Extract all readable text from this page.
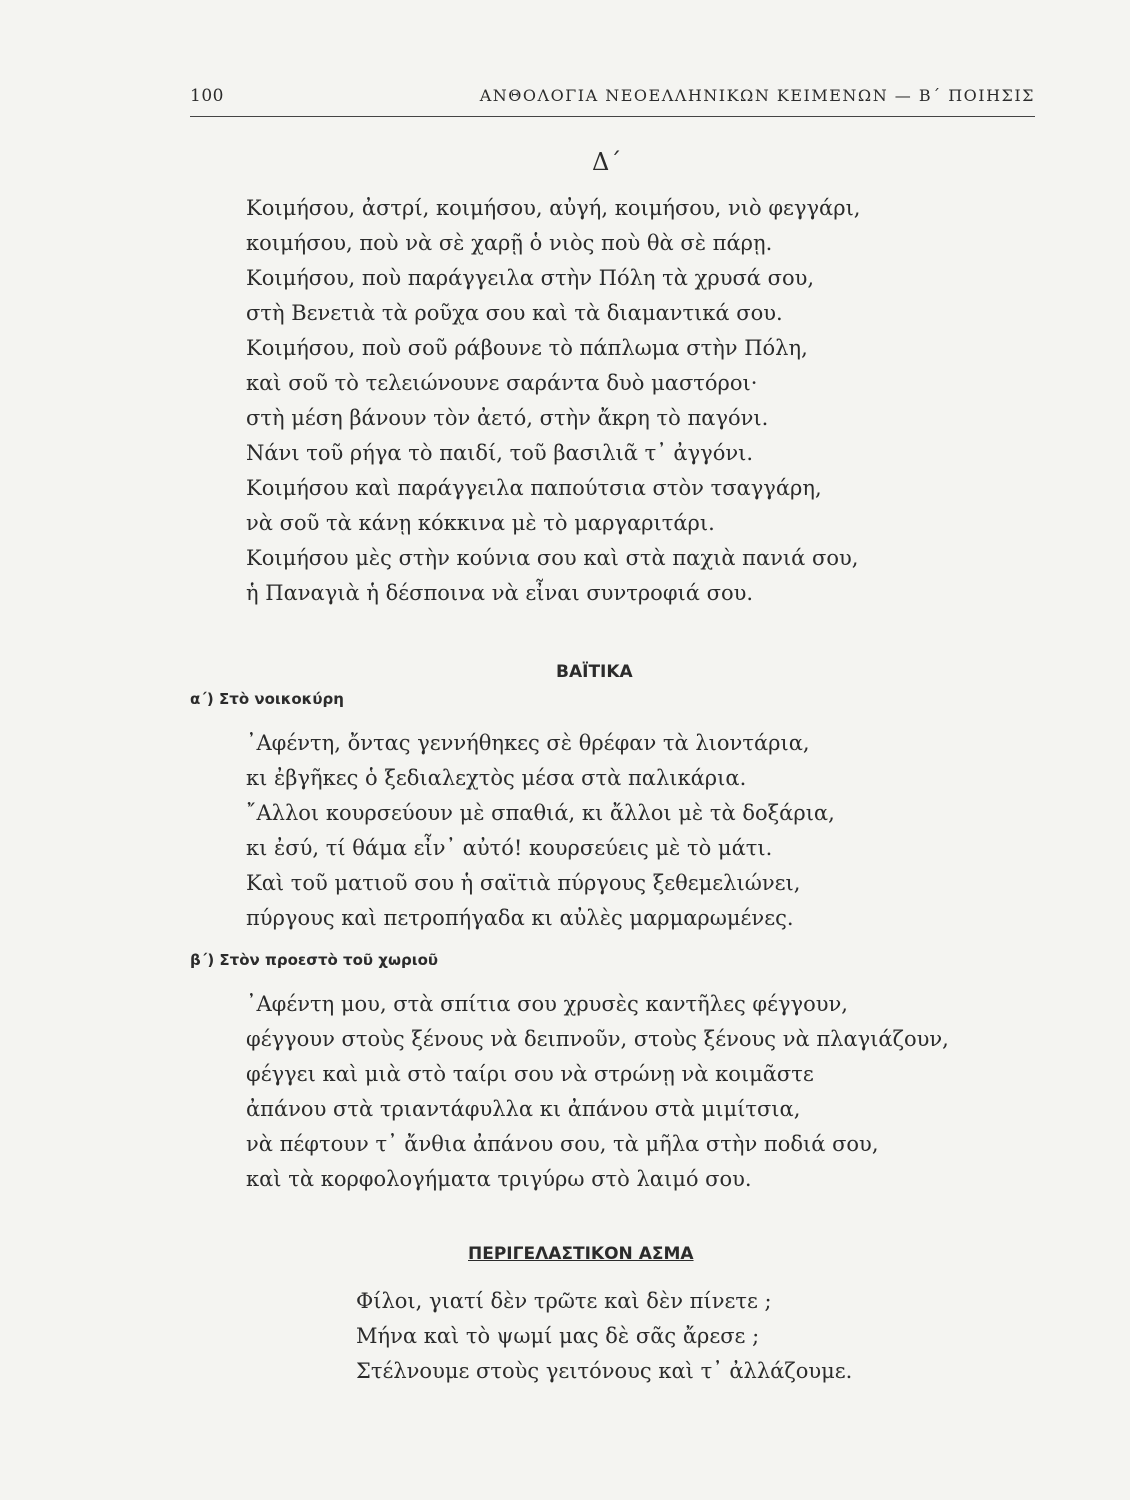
100	ΑΝΘΟΛΟΓΙΑ ΝΕΟΕΛΛΗΝΙΚΩΝ ΚΕΙΜΕΝΩΝ — Β΄ ΠΟΙΗΣΙΣ
Δ΄
Κοιμήσου, ἀστρί, κοιμήσου, αὐγή, κοιμήσου, νιὸ φεγγάρι,
κοιμήσου, ποὺ νὰ σὲ χαρῇ ὁ νιὸς ποὺ θὰ σὲ πάρῃ.
Κοιμήσου, ποὺ παράγγειλα στὴν Πόλη τὰ χρυσά σου,
στὴ Βενετιὰ τὰ ροῦχα σου καὶ τὰ διαμαντικά σου.
Κοιμήσου, ποὺ σοῦ ράβουνε τὸ πάπλωμα στὴν Πόλη,
καὶ σοῦ τὸ τελειώνουνε σαράντα δυὸ μαστόροι·
στὴ μέση βάνουν τὸν ἀετό, στὴν ἄκρη τὸ παγόνι.
Νάνι τοῦ ρήγα τὸ παιδί, τοῦ βασιλιᾶ τ᾽ ἀγγόνι.
Κοιμήσου καὶ παράγγειλα παπούτσια στὸν τσαγγάρη,
νὰ σοῦ τὰ κάνῃ κόκκινα μὲ τὸ μαργαριτάρι.
Κοιμήσου μὲς στὴν κούνια σου καὶ στὰ παχιὰ πανιά σου,
ἡ Παναγιὰ ἡ δέσποινα νὰ εἶναι συντροφιά σου.
ΒΑΪΤΙΚΑ
α΄) Στὸ νοικοκύρη
᾽Αφέντη, ὄντας γεννήθηκες σὲ θρέφαν τὰ λιοντάρια,
κι ἐβγῆκες ὁ ξεδιαλεχτὸς μέσα στὰ παλικάρια.
῎Αλλοι κουρσεύουν μὲ σπαθιά, κι ἄλλοι μὲ τὰ δοξάρια,
κι ἐσύ, τί θάμα εἶν᾽ αὐτό! κουρσεύεις μὲ τὸ μάτι.
Καὶ τοῦ ματιοῦ σου ἡ σαϊτιὰ πύργους ξεθεμελιώνει,
πύργους καὶ πετροπήγαδα κι αὐλὲς μαρμαρωμένες.
β΄) Στὸν προεστὸ τοῦ χωριοῦ
᾽Αφέντη μου, στὰ σπίτια σου χρυσὲς καντῆλες φέγγουν,
φέγγουν στοὺς ξένους νὰ δειπνοῦν, στοὺς ξένους νὰ πλαγιάζουν,
φέγγει καὶ μιὰ στὸ ταίρι σου νὰ στρώνῃ νὰ κοιμᾶστε
ἀπάνου στὰ τριαντάφυλλα κι ἀπάνου στὰ μιμίτσια,
νὰ πέφτουν τ᾽ ἄνθια ἀπάνου σου, τὰ μῆλα στὴν ποδιά σου,
καὶ τὰ κορφολογήματα τριγύρω στὸ λαιμό σου.
ΠΕΡΙΓΕΛΑΣΤΙΚΟΝ ΑΣΜΑ
Φίλοι, γιατί δὲν τρῶτε καὶ δὲν πίνετε ;
Μήνα καὶ τὸ ψωμί μας δὲ σᾶς ἄρεσε ;
Στέλνουμε στοὺς γειτόνους καὶ τ᾽ ἀλλάζουμε.
